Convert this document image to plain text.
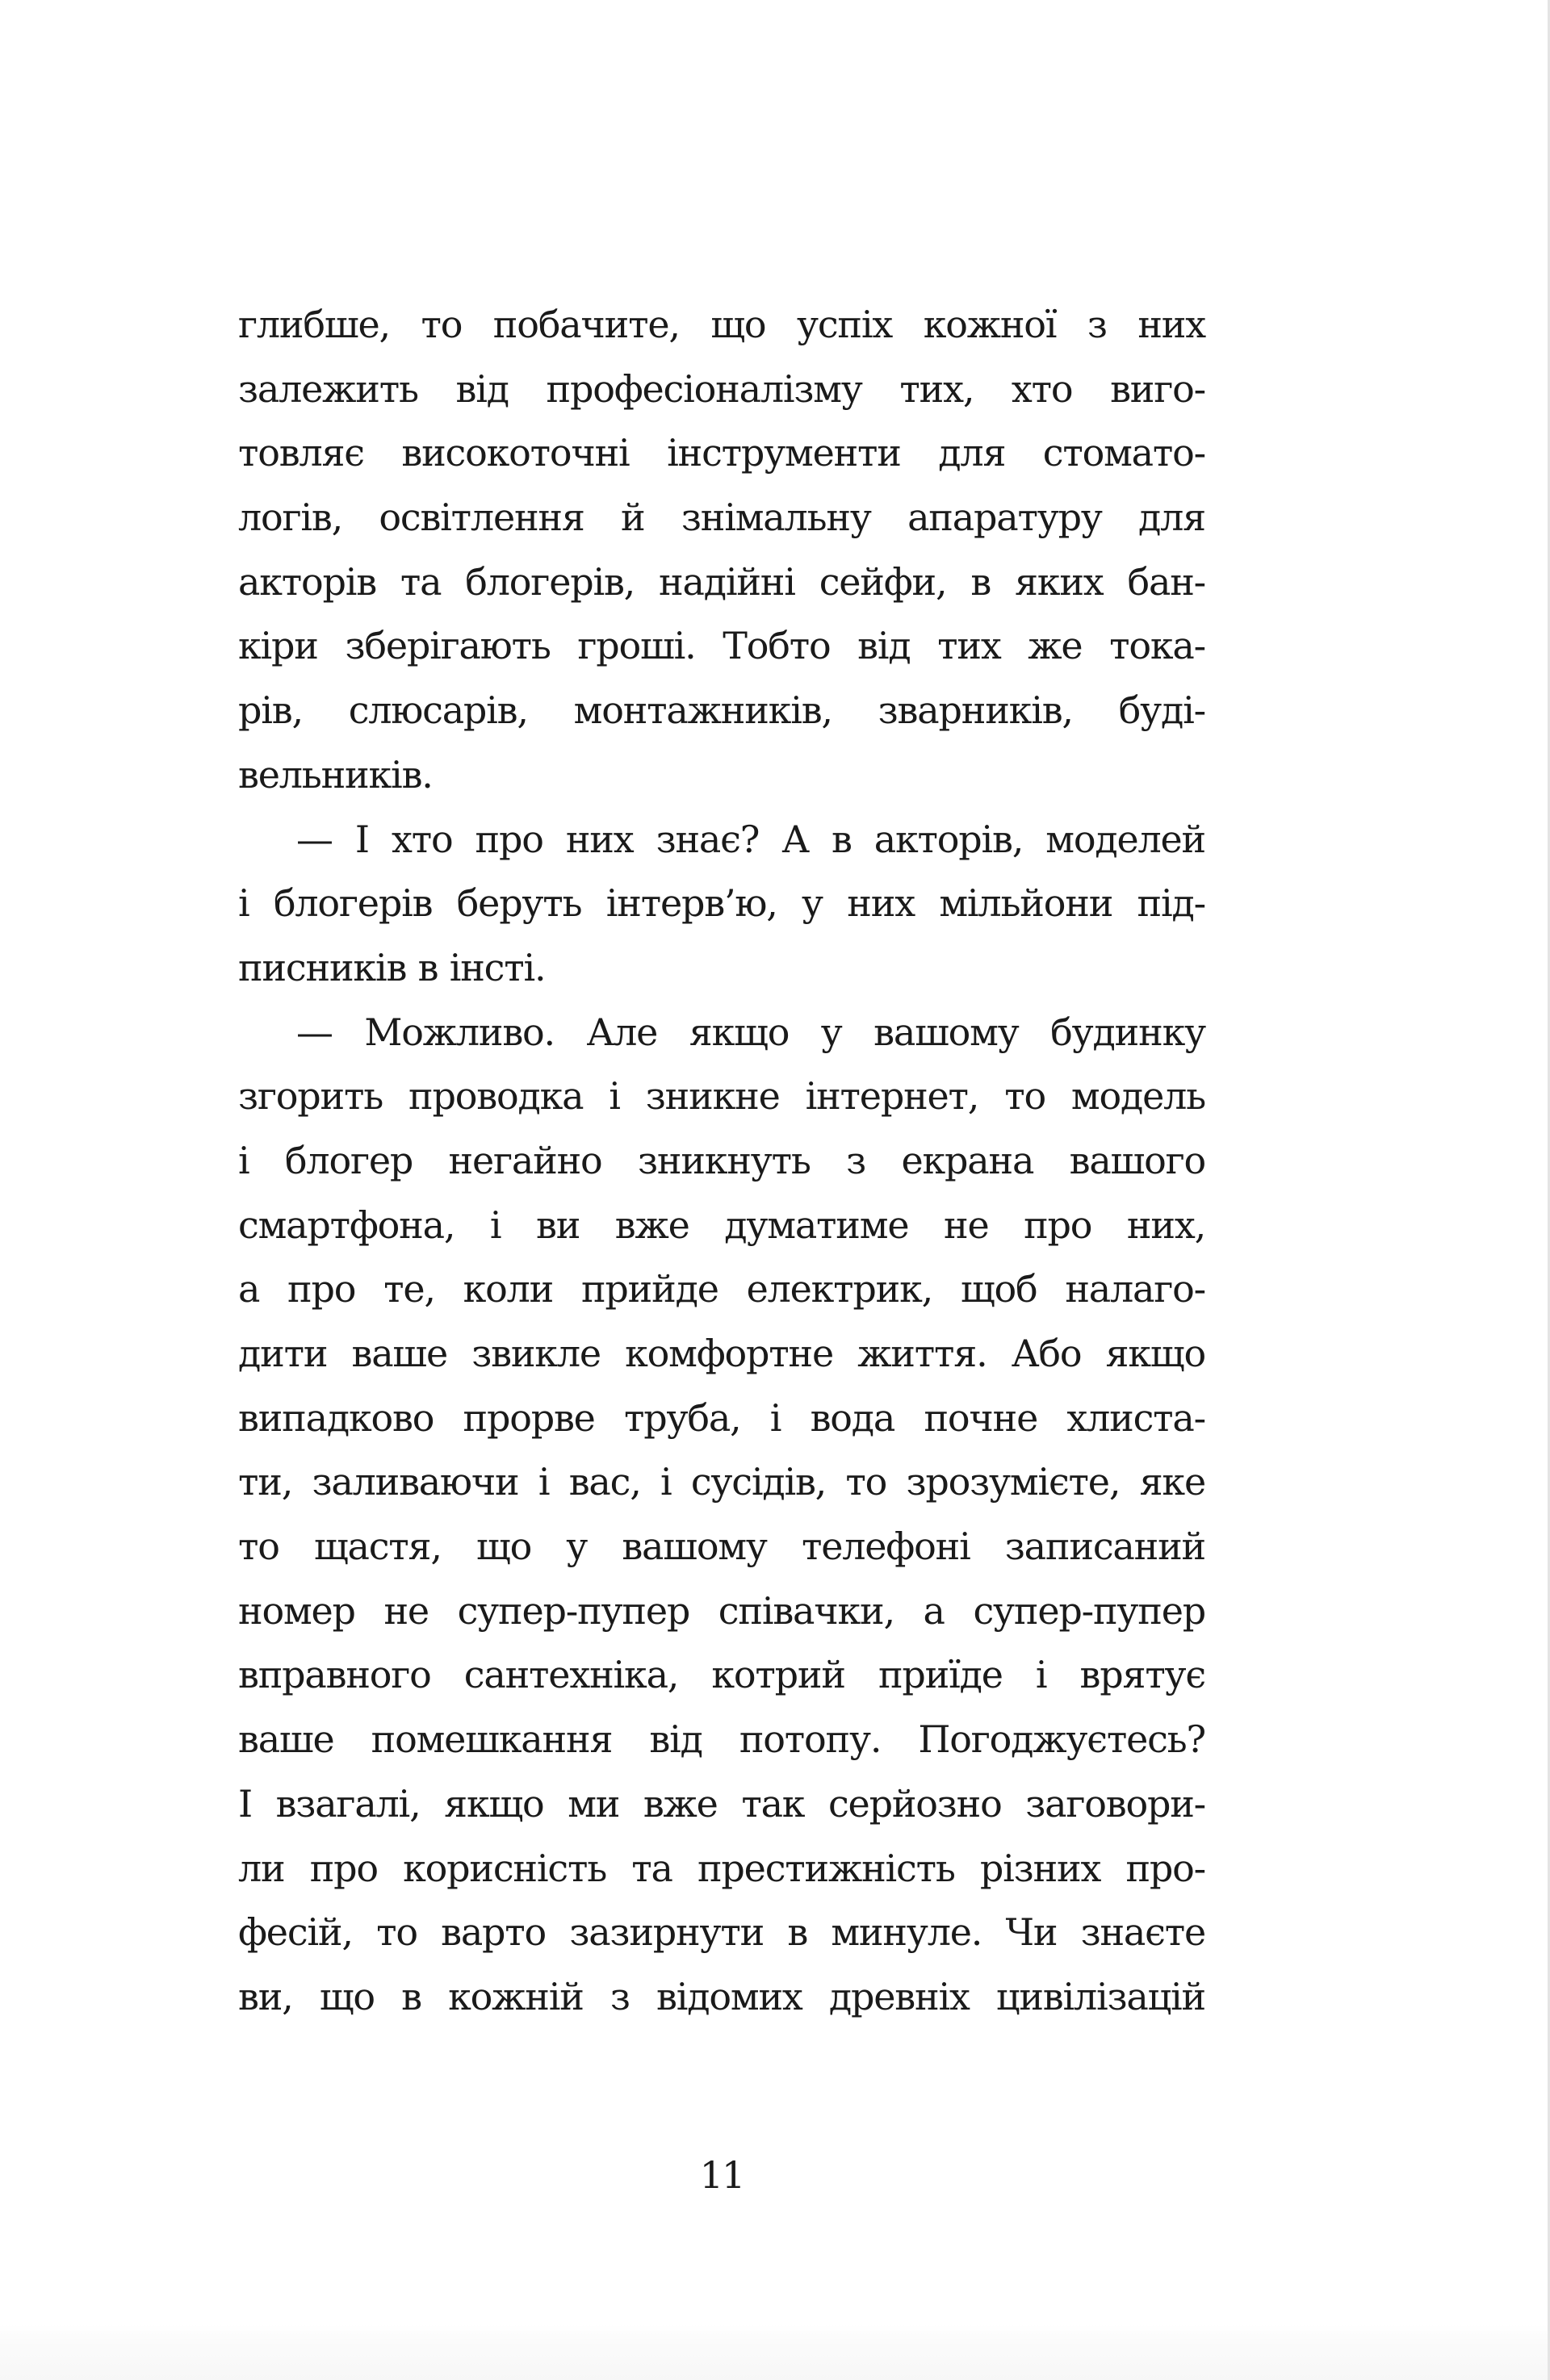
глибше, то побачите, що успіх кожної з них
залежить від професіоналізму тих, хто виго-
товляє високоточні інструменти для стомато-
логів, освітлення й знімальну апаратуру для
акторів та блогерів, надійні сейфи, в яких бан-
кіри зберігають гроші. Тобто від тих же тока-
рів, слюсарів, монтажників, зварників, буді-
вельників.
— І хто про них знає? А в акторів, моделей
і блогерів беруть інтерв’ю, у них мільйони під-
писників в інсті.
— Можливо. Але якщо у вашому будинку
згорить проводка і зникне інтернет, то модель
і блогер негайно зникнуть з екрана вашого
смартфона, і ви вже думатиме не про них,
а про те, коли прийде електрик, щоб налаго-
дити ваше звикле комфортне життя. Або якщо
випадково прорве труба, і вода почне хлиста-
ти, заливаючи і вас, і сусідів, то зрозумієте, яке
то щастя, що у вашому телефоні записаний
номер не супер-пупер співачки, а супер-пупер
вправного сантехніка, котрий приїде і врятує
ваше помешкання від потопу. Погоджуєтесь?
І взагалі, якщо ми вже так серйозно заговори-
ли про корисність та престижність різних про-
фесій, то варто зазирнути в минуле. Чи знаєте
ви, що в кожній з відомих древніх цивілізацій
11
